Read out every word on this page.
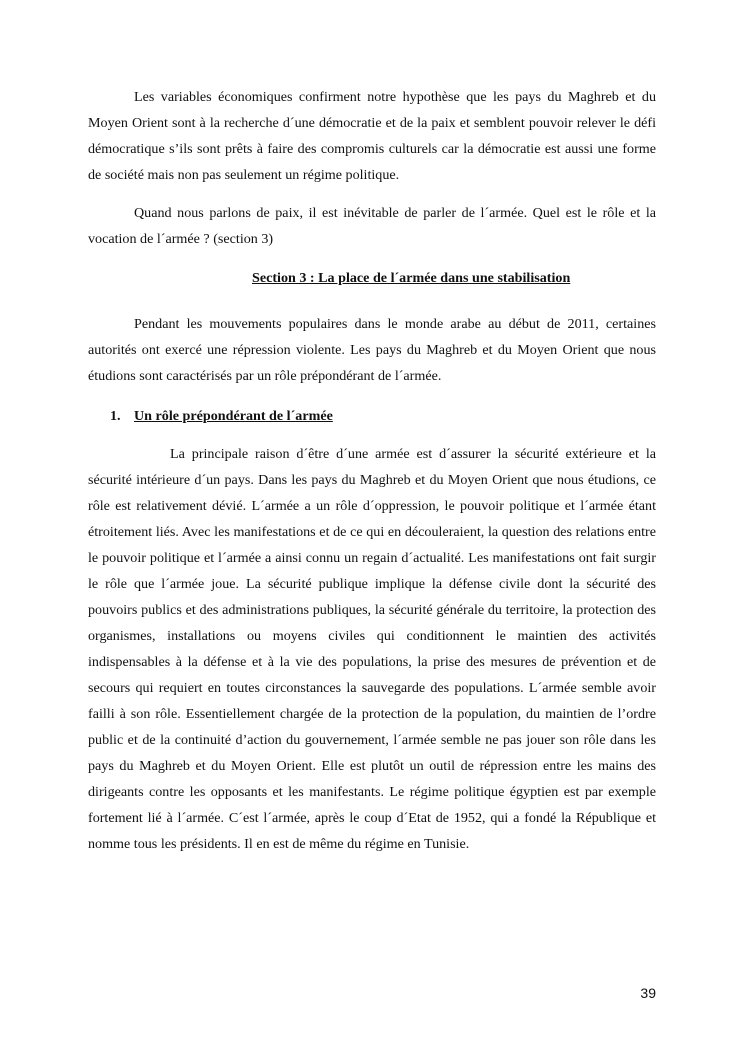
Les variables économiques confirment notre hypothèse que les pays du Maghreb et du Moyen Orient sont à la recherche d´une démocratie et de la paix et semblent pouvoir relever le défi démocratique s’ils sont prêts à faire des compromis culturels car la démocratie est aussi une forme de société mais non pas seulement un régime politique.

Quand nous parlons de paix, il est inévitable de parler de l´armée. Quel est le rôle et la vocation de l´armée ? (section 3)

Section 3 : La place de l´armée dans une stabilisation

Pendant les mouvements populaires dans le monde arabe au début de 2011, certaines autorités ont exercé une répression violente. Les pays du Maghreb et du Moyen Orient que nous étudions sont caractérisés par un rôle prépondérant de l´armée.

1. Un rôle prépondérant de l´armée

La principale raison d´être d´une armée est d´assurer la sécurité extérieure et la sécurité intérieure d´un pays. Dans les pays du Maghreb et du Moyen Orient que nous étudions, ce rôle est relativement dévié. L´armée a un rôle d´oppression, le pouvoir politique et l´armée étant étroitement liés. Avec les manifestations et de ce qui en découleraient, la question des relations entre le pouvoir politique et l´armée a ainsi connu un regain d´actualité. Les manifestations ont fait surgir le rôle que l´armée joue. La sécurité publique implique la défense civile dont la sécurité des pouvoirs publics et des administrations publiques, la sécurité générale du territoire, la protection des organismes, installations ou moyens civiles qui conditionnent le maintien des activités indispensables à la défense et à la vie des populations, la prise des mesures de prévention et de secours qui requiert en toutes circonstances la sauvegarde des populations. L´armée semble avoir failli à son rôle. Essentiellement chargée de la protection de la population, du maintien de l’ordre public et de la continuité d’action du gouvernement, l´armée semble ne pas jouer son rôle dans les pays du Maghreb et du Moyen Orient. Elle est plutôt un outil de répression entre les mains des dirigeants contre les opposants et les manifestants. Le régime politique égyptien est par exemple fortement lié à l´armée. C´est l´armée, après le coup d´Etat de 1952, qui a fondé la République et nomme tous les présidents. Il en est de même du régime en Tunisie.

39
